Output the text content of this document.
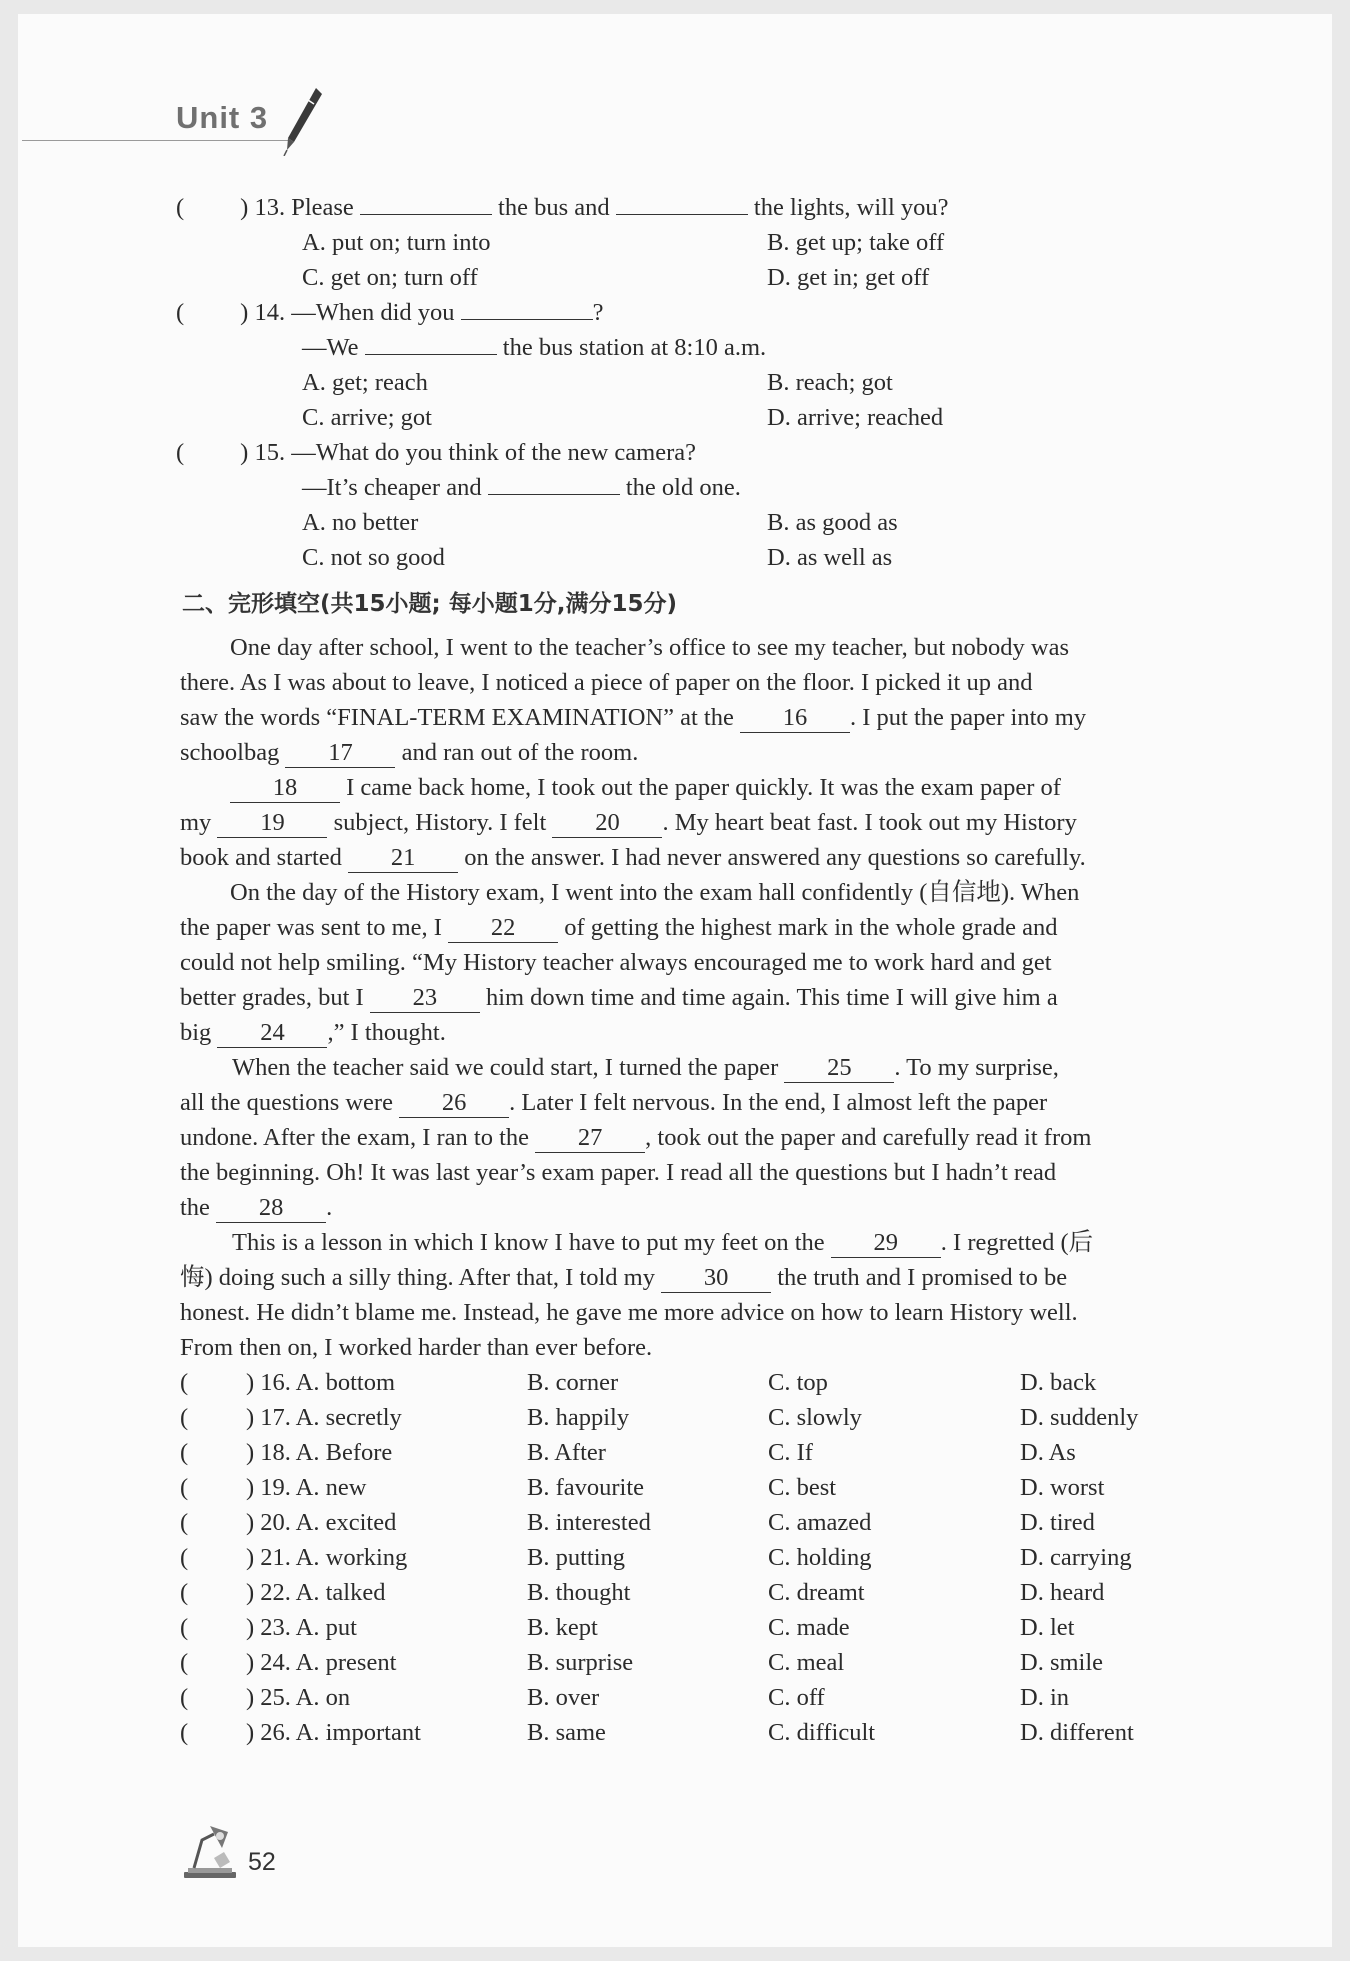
Unit 3
( ) 13. Please	the bus and	the lights, will you?
A. put on; turn into	B. get up; take off
C. get on; turn off	D. get in; get off
( ) 14. —When did you	?
—We	the bus station at 8:10 a.m.
A. get; reach	B. reach; got
C. arrive; got	D. arrive; reached
( ) 15. —What do you think of the new camera?
—It’s cheaper and	the old one.
A. no better	B. as good as
C. not so good	D. as well as
二、完形填空(共15小题; 每小题1分,满分15分)
One day after school, I went to the teacher’s office to see my teacher, but nobody was
there. As I was about to leave, I noticed a piece of paper on the floor. I picked it up and
saw the words “FINAL-TERM EXAMINATION” at the 16 . I put the paper into my
schoolbag 17 and ran out of the room.
18 I came back home, I took out the paper quickly. It was the exam paper of
my 19 subject, History. I felt 20 . My heart beat fast. I took out my History
book and started 21 on the answer. I had never answered any questions so carefully.
On the day of the History exam, I went into the exam hall confidently (自信地). When
the paper was sent to me, I 22 of getting the highest mark in the whole grade and
could not help smiling. “My History teacher always encouraged me to work hard and get
better grades, but I 23 him down time and time again. This time I will give him a
big 24 ,” I thought.
When the teacher said we could start, I turned the paper 25 . To my surprise,
all the questions were 26 . Later I felt nervous. In the end, I almost left the paper
undone. After the exam, I ran to the 27 , took out the paper and carefully read it from
the beginning. Oh! It was last year’s exam paper. I read all the questions but I hadn’t read
the 28 .
This is a lesson in which I know I have to put my feet on the 29 . I regretted (后
悔) doing such a silly thing. After that, I told my 30 the truth and I promised to be
honest. He didn’t blame me. Instead, he gave me more advice on how to learn History well.
From then on, I worked harder than ever before.
( ) 16. A. bottom	B. corner	C. top	D. back
( ) 17. A. secretly	B. happily	C. slowly	D. suddenly
( ) 18. A. Before	B. After	C. If	D. As
( ) 19. A. new	B. favourite	C. best	D. worst
( ) 20. A. excited	B. interested	C. amazed	D. tired
( ) 21. A. working	B. putting	C. holding	D. carrying
( ) 22. A. talked	B. thought	C. dreamt	D. heard
( ) 23. A. put	B. kept	C. made	D. let
( ) 24. A. present	B. surprise	C. meal	D. smile
( ) 25. A. on	B. over	C. off	D. in
( ) 26. A. important	B. same	C. difficult	D. different
52
